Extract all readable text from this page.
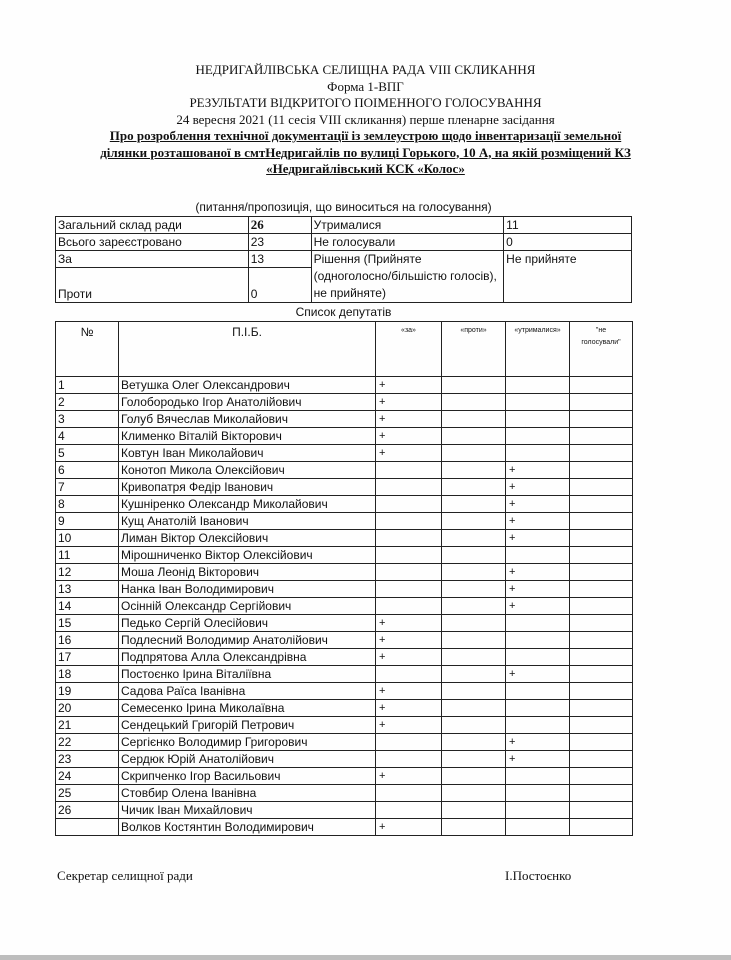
НЕДРИГАЙЛІВСЬКА СЕЛИЩНА РАДА VIII СКЛИКАННЯ
Форма 1-ВПГ
РЕЗУЛЬТАТИ ВІДКРИТОГО ПОІМЕННОГО ГОЛОСУВАННЯ
24 вересня 2021 (11 сесія VIII скликання) перше пленарне засідання
Про розроблення технічної документації із землеустрою щодо інвентаризації земельної
ділянки розташованої в смтНедригайлів по вулиці Горького, 10 А, на якій розміщений КЗ
«Недригайлівський КСК «Колос»
(питання/пропозиція, що виноситься на голосування)
Загальний склад ради	26	Утрималися	11
Всього зареєстровано	23	Не голосували	0
За	13	Рішення (Прийняте (одноголосно/більшістю голосів), не прийняте)	Не прийняте
Проти	0		
Список депутатів
№	П.І.Б.	«за»	«проти»	«утрималися»	"не голосували"
1	Ветушка Олег Олександрович	+			
2	Голобородько Ігор Анатолійович	+			
3	Голуб Вячеслав Миколайович	+			
4	Клименко Віталій Вікторович	+			
5	Ковтун Іван Миколайович	+			
6	Конотоп Микола Олексійович			+	
7	Кривопатря Федір Іванович			+	
8	Кушніренко Олександр Миколайович			+	
9	Кущ Анатолій Іванович			+	
10	Лиман Віктор Олексійович			+	
11	Мірошниченко Віктор Олексійович				
12	Моша Леонід Вікторович			+	
13	Нанка Іван Володимирович			+	
14	Осінній Олександр Сергійович			+	
15	Педько Сергій Олесійович	+			
16	Подлесний Володимир Анатолійович	+			
17	Подпрятова Алла Олександрівна	+			
18	Постоєнко Ірина Віталіївна			+	
19	Садова Раїса Іванівна	+			
20	Семесенко Ірина Миколаївна	+			
21	Сендецький Григорій Петрович	+			
22	Сергієнко Володимир Григорович			+	
23	Сердюк Юрій Анатолійович			+	
24	Скрипченко Ігор Васильович	+			
25	Стовбир Олена Іванівна				
26	Чичик Іван Михайлович				
	Волков Костянтин Володимирович	+			
Секретар селищної ради	І.Постоєнко
